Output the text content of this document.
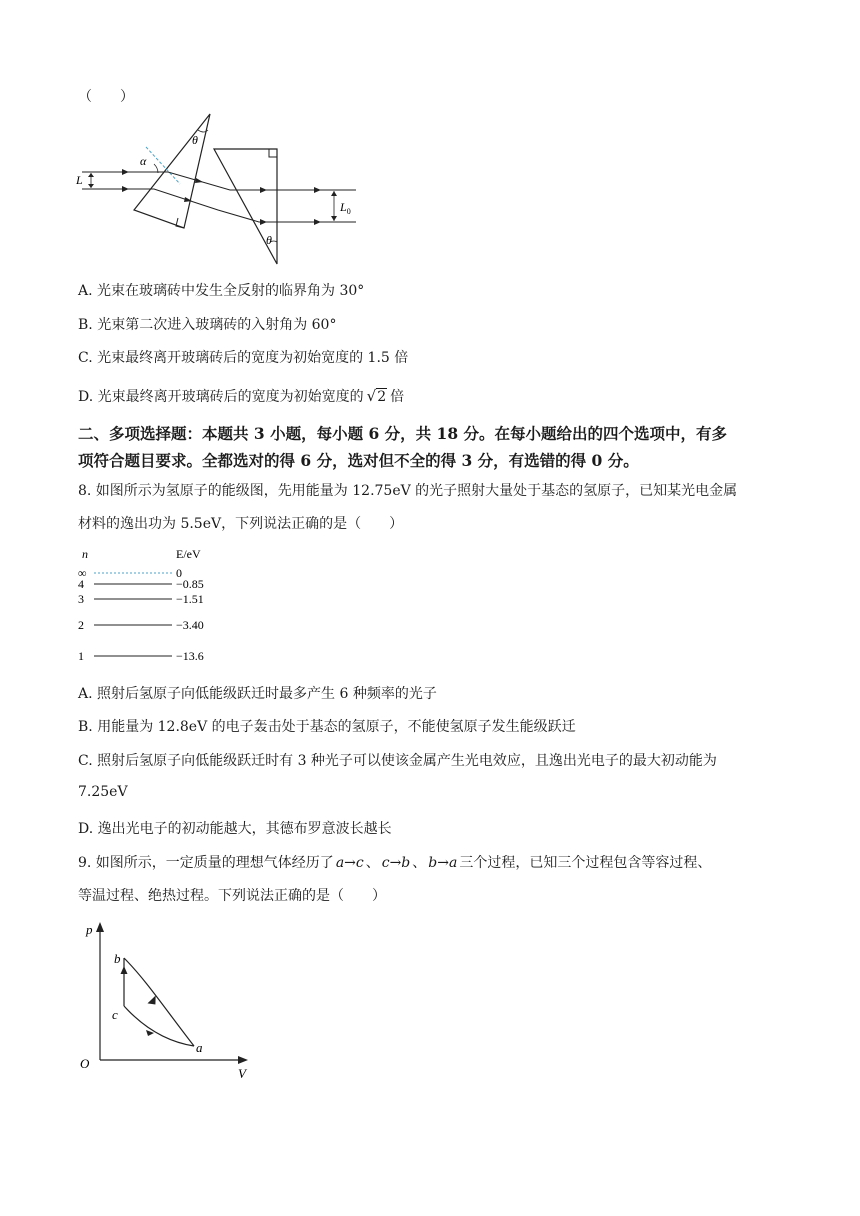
（　　）
α
θ
θ
L
$L_0$
A. 光束在玻璃砖中发生全反射的临界角为 30°
B. 光束第二次进入玻璃砖的入射角为 60°
C. 光束最终离开玻璃砖后的宽度为初始宽度的 1.5 倍
D. 光束最终离开玻璃砖后的宽度为初始宽度的 √2 倍
二、多项选择题：本题共 3 小题，每小题 6 分，共 18 分。在每小题给出的四个选项中，有多
项符合题目要求。全都选对的得 6 分，选对但不全的得 3 分，有选错的得 0 分。
8. 如图所示为氢原子的能级图，先用能量为 12.75eV 的光子照射大量处于基态的氢原子，已知某光电金属
材料的逸出功为 5.5eV，下列说法正确的是（　　）
n	E/eV
∞	0
4	−0.85
3	−1.51
2	−3.40
1	−13.6
A. 照射后氢原子向低能级跃迁时最多产生 6 种频率的光子
B. 用能量为 12.8eV 的电子轰击处于基态的氢原子，不能使氢原子发生能级跃迁
C. 照射后氢原子向低能级跃迁时有 3 种光子可以使该金属产生光电效应，且逸出光电子的最大初动能为
7.25eV
D. 逸出光电子的初动能越大，其德布罗意波长越长
9. 如图所示，一定质量的理想气体经历了 a→c 、 c→b 、 b→a 三个过程，已知三个过程包含等容过程、
等温过程、绝热过程。下列说法正确的是（　　）
p
V
O
b
c
a
